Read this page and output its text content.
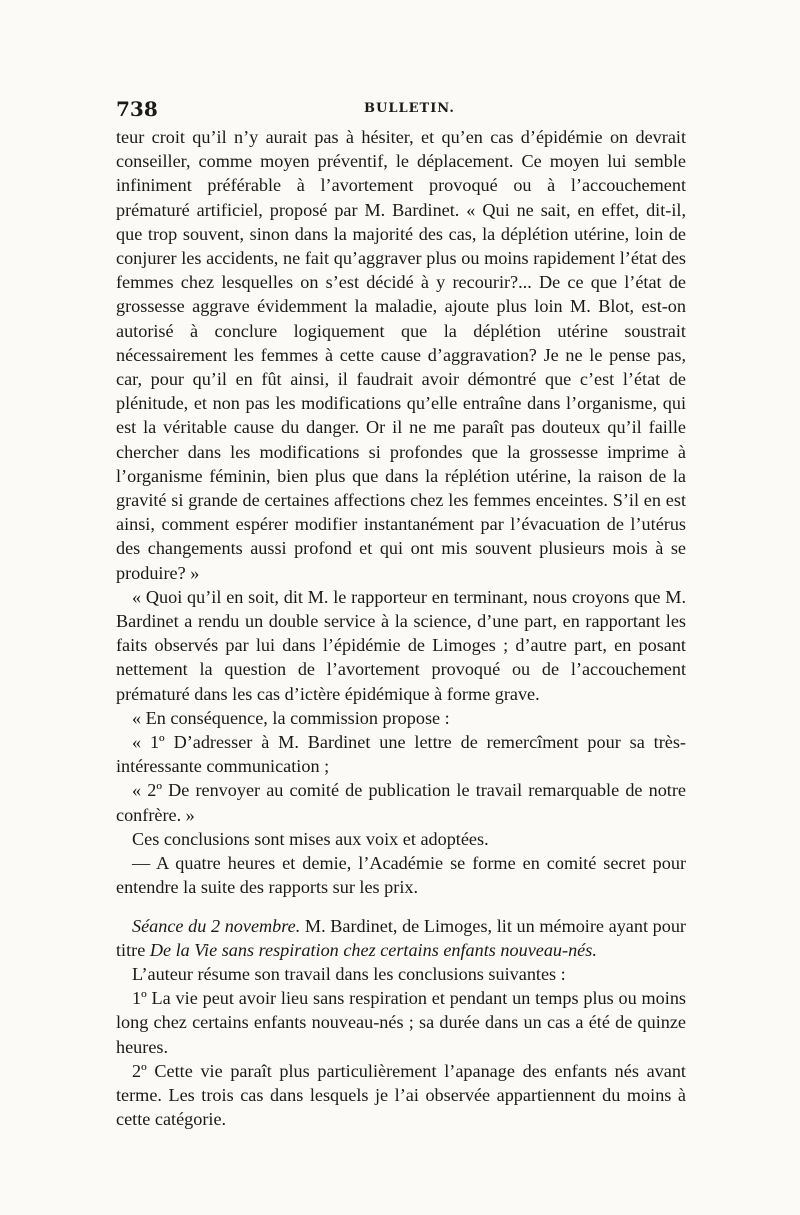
738	BULLETIN.

teur croit qu’il n’y aurait pas à hésiter, et qu’en cas d’épidémie on devrait conseiller, comme moyen préventif, le déplacement. Ce moyen lui semble infiniment préférable à l’avortement provoqué ou à l’accouchement prématuré artificiel, proposé par M. Bardinet. « Qui ne sait, en effet, dit-il, que trop souvent, sinon dans la majorité des cas, la déplétion utérine, loin de conjurer les accidents, ne fait qu’aggraver plus ou moins rapidement l’état des femmes chez lesquelles on s’est décidé à y recourir?... De ce que l’état de grossesse aggrave évidemment la maladie, ajoute plus loin M. Blot, est-on autorisé à conclure logiquement que la déplétion utérine soustrait nécessairement les femmes à cette cause d’aggravation? Je ne le pense pas, car, pour qu’il en fût ainsi, il faudrait avoir démontré que c’est l’état de plénitude, et non pas les modifications qu’elle entraîne dans l’organisme, qui est la véritable cause du danger. Or il ne me paraît pas douteux qu’il faille chercher dans les modifications si profondes que la grossesse imprime à l’organisme féminin, bien plus que dans la réplétion utérine, la raison de la gravité si grande de certaines affections chez les femmes enceintes. S’il en est ainsi, comment espérer modifier instantanément par l’évacuation de l’utérus des changements aussi profond et qui ont mis souvent plusieurs mois à se produire? »

« Quoi qu’il en soit, dit M. le rapporteur en terminant, nous croyons que M. Bardinet a rendu un double service à la science, d’une part, en rapportant les faits observés par lui dans l’épidémie de Limoges ; d’autre part, en posant nettement la question de l’avortement provoqué ou de l’accouchement prématuré dans les cas d’ictère épidémique à forme grave.

« En conséquence, la commission propose :

« 1º D’adresser à M. Bardinet une lettre de remercîment pour sa très-intéressante communication ;

« 2º De renvoyer au comité de publication le travail remarquable de notre confrère. »

Ces conclusions sont mises aux voix et adoptées.

— A quatre heures et demie, l’Académie se forme en comité secret pour entendre la suite des rapports sur les prix.

Séance du 2 novembre. M. Bardinet, de Limoges, lit un mémoire ayant pour titre De la Vie sans respiration chez certains enfants nouveau-nés.

L’auteur résume son travail dans les conclusions suivantes :

1º La vie peut avoir lieu sans respiration et pendant un temps plus ou moins long chez certains enfants nouveau-nés ; sa durée dans un cas a été de quinze heures.

2º Cette vie paraît plus particulièrement l’apanage des enfants nés avant terme. Les trois cas dans lesquels je l’ai observée appartiennent du moins à cette catégorie.
